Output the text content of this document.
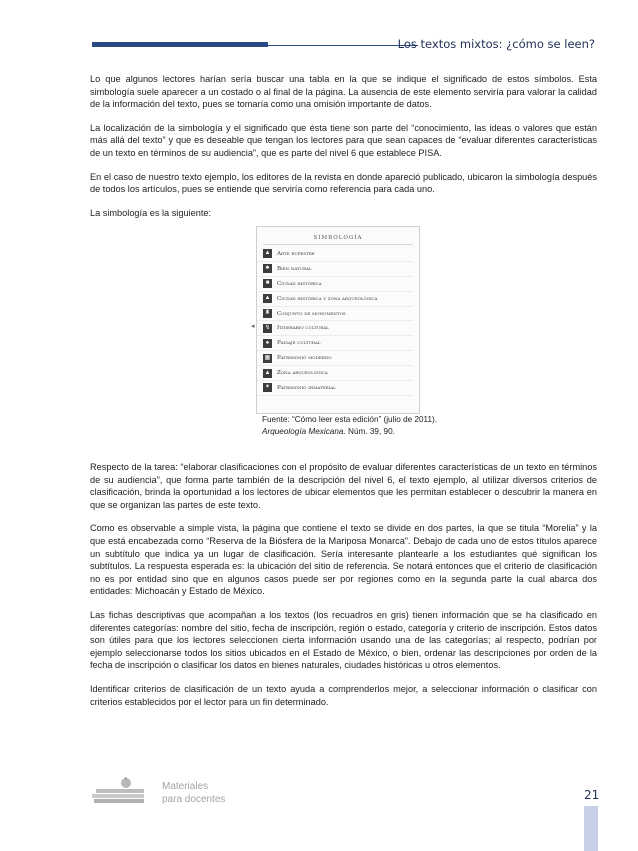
Los textos mixtos: ¿cómo se leen?

Lo que algunos lectores harían sería buscar una tabla en la que se indique el significado de estos símbolos. Esta simbología suele aparecer a un costado o al final de la página. La ausencia de este elemento serviría para valorar la calidad de la información del texto, pues se tomaría como una omisión importante de datos.

La localización de la simbología y el significado que ésta tiene son parte del “conocimiento, las ideas o valores que están más allá del texto” y que es deseable que tengan los lectores para que sean capaces de “evaluar diferentes características de un texto en términos de su audiencia”, que es parte del nivel 6 que establece PISA.

En el caso de nuestro texto ejemplo, los editores de la revista en donde apareció publicado, ubicaron la simbología después de todos los artículos, pues se entiende que serviría como referencia para cada uno.

La simbología es la siguiente:

SIMBOLOGÍA
▲ Arte rupestre
♣	Bien natural
■	Ciudad histórica
▲ Ciudad histórica y zona arqueológica
♜	Conjunto de monumentos
↯	Itinerario cultural
♠	Paisaje cultural
▦ Patrimonio moderno
▲ Zona arqueológica
✶	Patrimonio inmaterial
◂
Fuente: “Cómo leer esta edición” (julio de 2011).
Arqueología Mexicana. Núm. 39, 90.

Respecto de la tarea: “elaborar clasificaciones con el propósito de evaluar diferentes características de un texto en términos de su audiencia”, que forma parte también de la descripción del nivel 6, el texto ejemplo, al utilizar diversos criterios de clasificación, brinda la oportunidad a los lectores de ubicar elementos que les permitan establecer o descubrir la manera en que se organizan las partes de este texto.

Como es observable a simple vista, la página que contiene el texto se divide en dos partes, la que se titula “Morelia” y la que está encabezada como “Reserva de la Biósfera de la Mariposa Monarca”. Debajo de cada uno de estos títulos aparece un subtítulo que indica ya un lugar de clasificación. Sería interesante plantearle a los estudiantes qué significan los subtítulos. La respuesta esperada es: la ubicación del sitio de referencia. Se notará entonces que el criterio de clasificación no es por entidad sino que en algunos casos puede ser por regiones como en la segunda parte la cual abarca dos entidades: Michoacán y Estado de México.

Las fichas descriptivas que acompañan a los textos (los recuadros en gris) tienen información que se ha clasificado en diferentes categorías: nombre del sitio, fecha de inscripción, región o estado, categoría y criterio de inscripción. Estos datos son útiles para que los lectores seleccionen cierta información usando una de las categorías; al respecto, podrían por ejemplo seleccionarse todos los sitios ubicados en el Estado de México, o bien, ordenar las descripciones por orden de la fecha de inscripción o clasificar los datos en bienes naturales, ciudades históricas u otros elementos.

Identificar criterios de clasificación de un texto ayuda a comprenderlos mejor, a seleccionar información o clasificar con criterios establecidos por el lector para un fin determinado.

Materiales
para docentes	21
